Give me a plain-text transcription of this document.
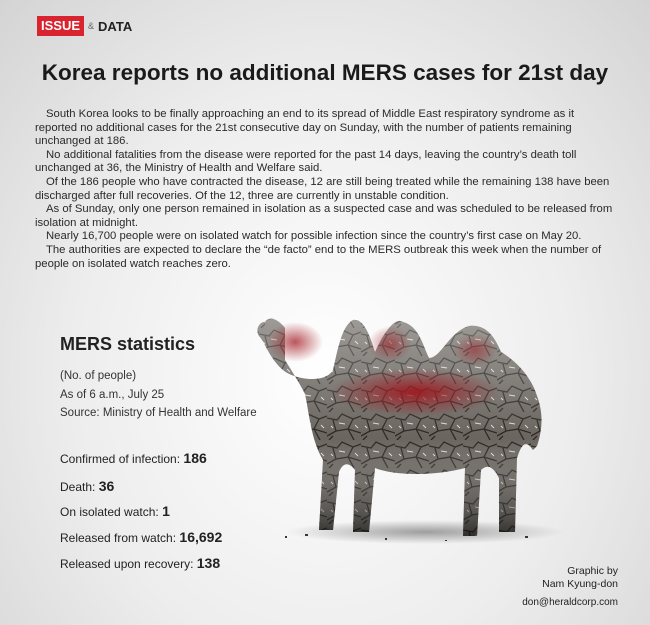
ISSUE & DATA
Korea reports no additional MERS cases for 21st day

South Korea looks to be finally approaching an end to its spread of Middle East respiratory syndrome as it reported no additional cases for the 21st consecutive day on Sunday, with the number of patients remaining unchanged at 186.

No additional fatalities from the disease were reported for the past 14 days, leaving the country’s death toll unchanged at 36, the Ministry of Health and Welfare said.

Of the 186 people who have contracted the disease, 12 are still being treated while the remaining 138 have been discharged after full recoveries. Of the 12, three are currently in unstable condition.

As of Sunday, only one person remained in isolation as a suspected case and was scheduled to be released from isolation at midnight.

Nearly 16,700 people were on isolated watch for possible infection since the country’s first case on May 20.

The authorities are expected to declare the “de facto” end to the MERS outbreak this week when the number of people on isolated watch reaches zero.

MERS statistics
(No. of people)
As of 6 a.m., July 25
Source: Ministry of Health and Welfare
Confirmed of infection: 186
Death: 36
On isolated watch: 1
Released from watch: 16,692
Released upon recovery: 138	Graphic by
Nam Kyung-don
don@heraldcorp.com
